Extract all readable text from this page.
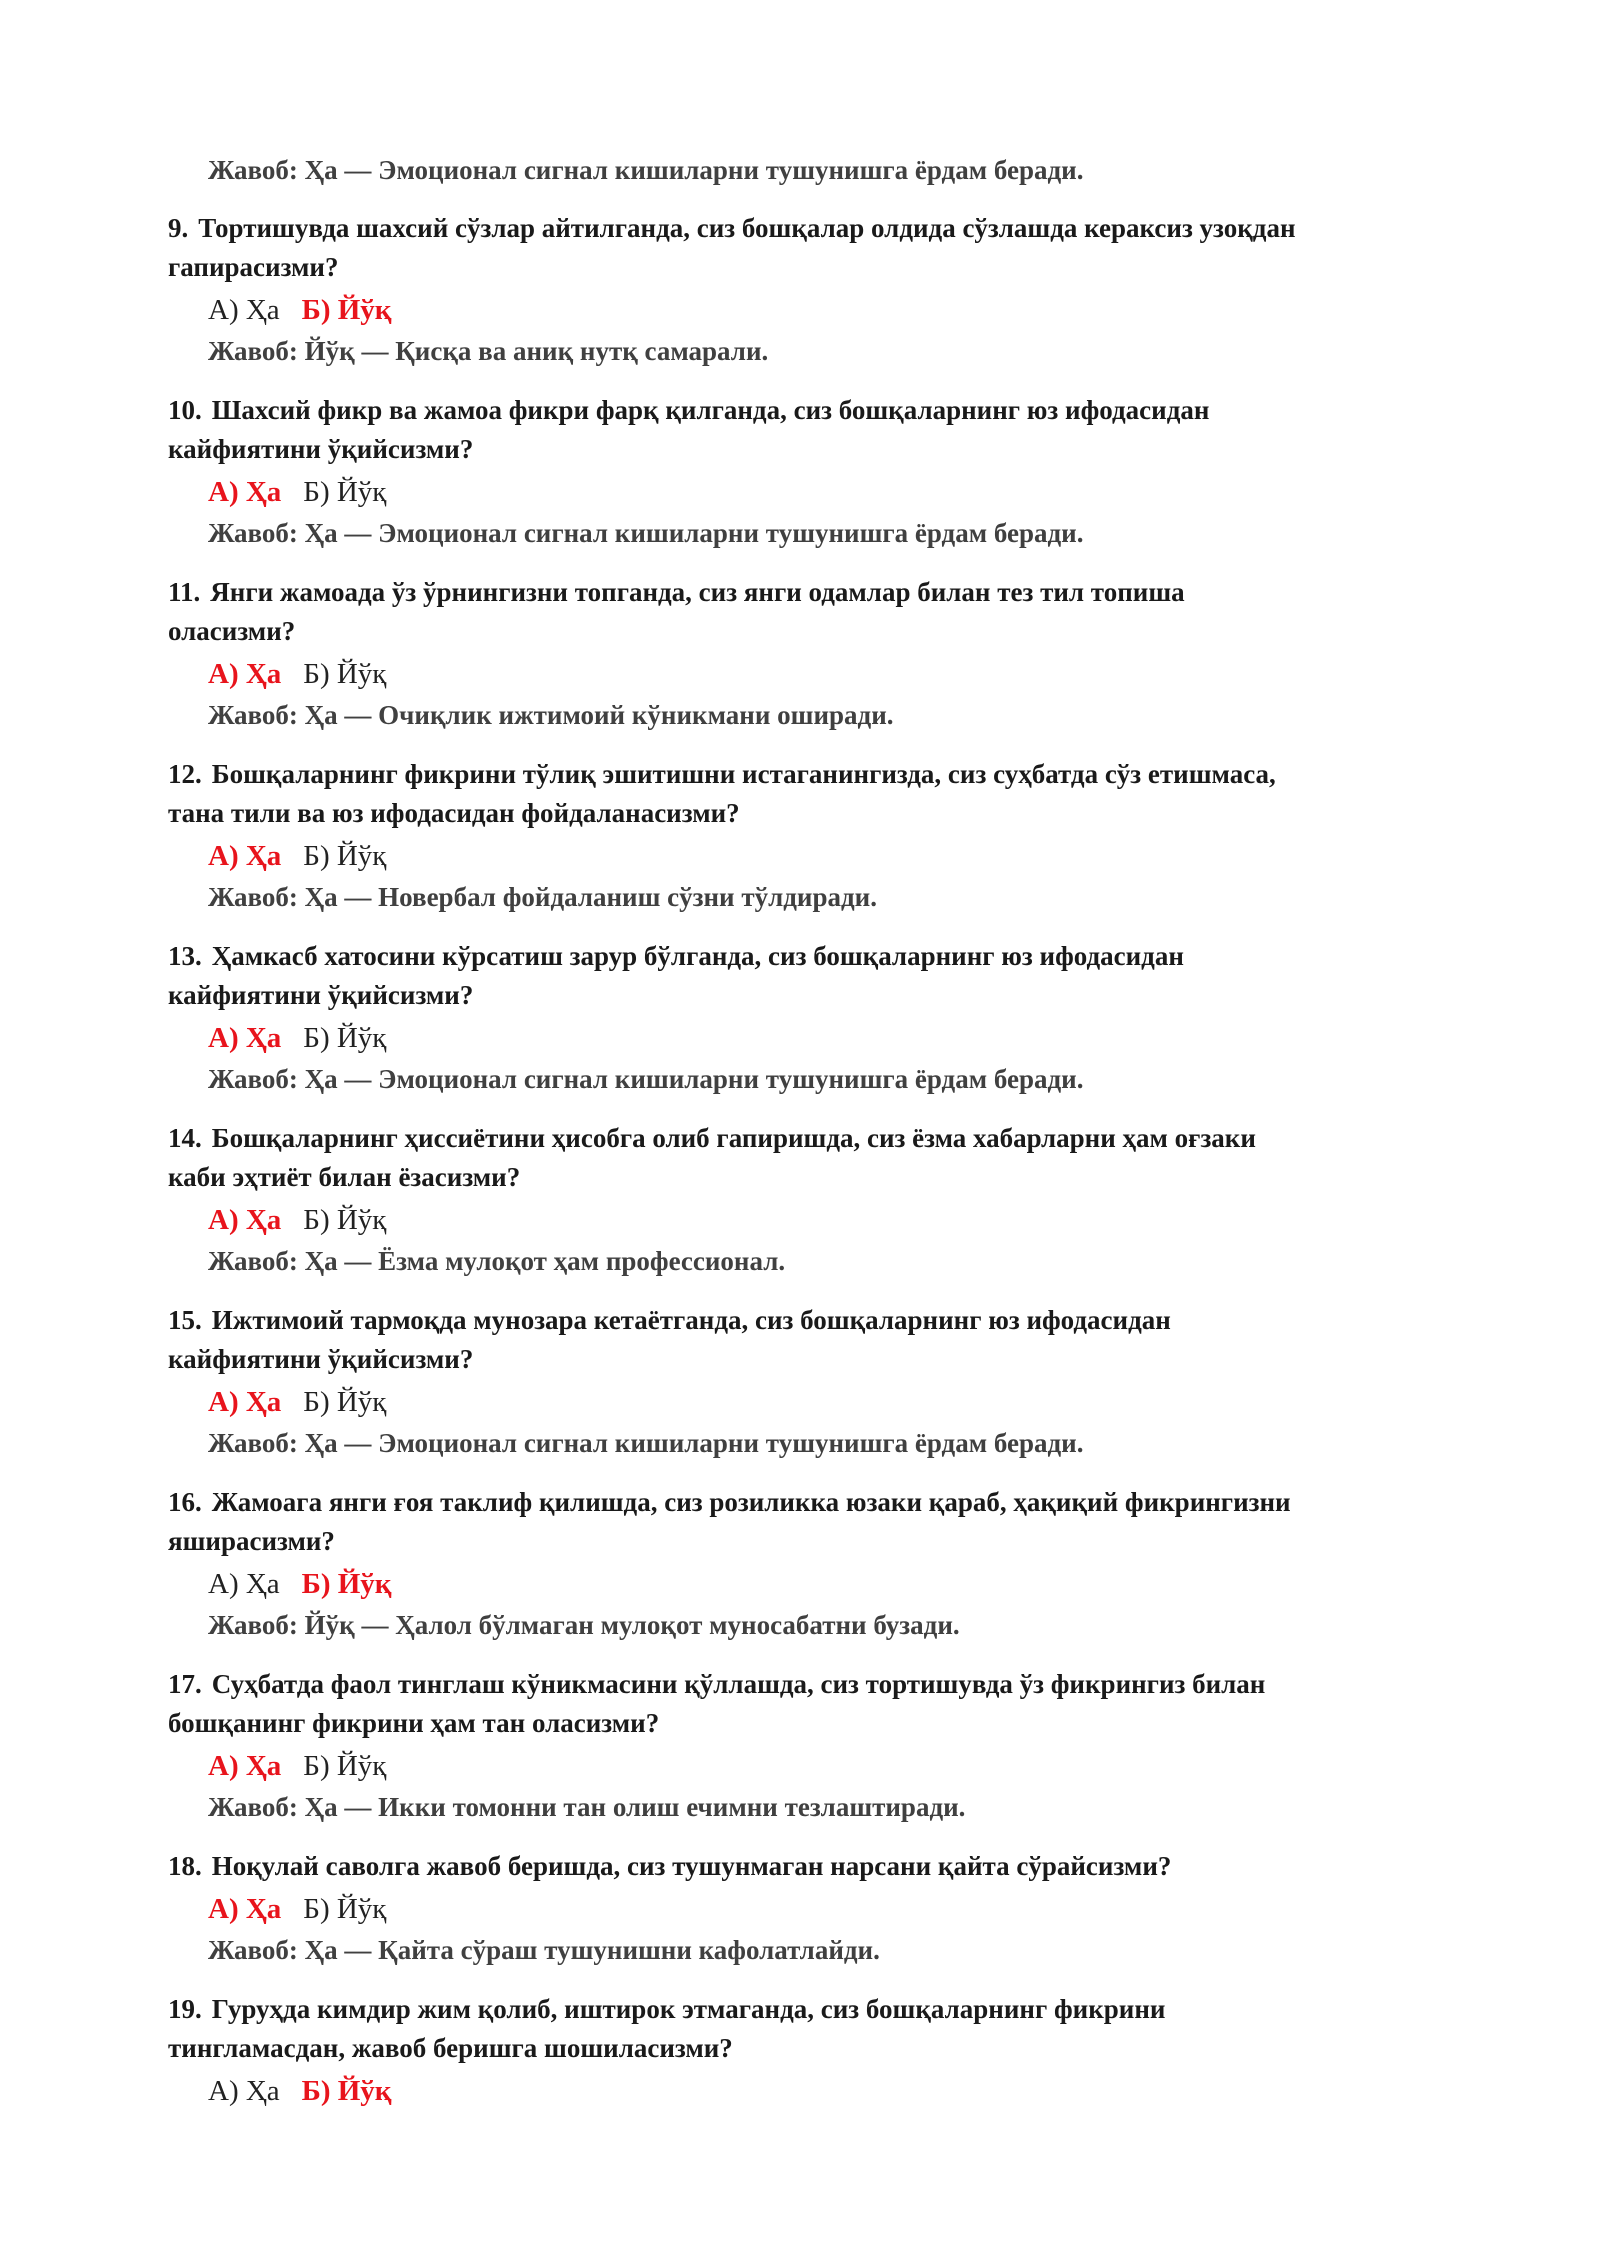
Жавоб: Ҳа — Эмоционал сигнал кишиларни тушунишга ёрдам беради.

9. Тортишувда шахсий сўзлар айтилганда, сиз бошқалар олдида сўзлашда кераксиз узоқдан

гапирасизми?

А) Ҳа Б) Йўқ
Жавоб: Йўқ — Қисқа ва аниқ нутқ самарали.

10. Шахсий фикр ва жамоа фикри фарқ қилганда, сиз бошқаларнинг юз ифодасидан

кайфиятини ўқийсизми?

А) Ҳа Б) Йўқ
Жавоб: Ҳа — Эмоционал сигнал кишиларни тушунишга ёрдам беради.

11. Янги жамоада ўз ўрнингизни топганда, сиз янги одамлар билан тез тил топиша

оласизми?

А) Ҳа Б) Йўқ
Жавоб: Ҳа — Очиқлик ижтимоий кўникмани оширади.

12. Бошқаларнинг фикрини тўлиқ эшитишни истаганингизда, сиз суҳбатда сўз етишмаса,

тана тили ва юз ифодасидан фойдаланасизми?

А) Ҳа Б) Йўқ
Жавоб: Ҳа — Новербал фойдаланиш сўзни тўлдиради.

13. Ҳамкасб хатосини кўрсатиш зарур бўлганда, сиз бошқаларнинг юз ифодасидан

кайфиятини ўқийсизми?

А) Ҳа Б) Йўқ
Жавоб: Ҳа — Эмоционал сигнал кишиларни тушунишга ёрдам беради.

14. Бошқаларнинг ҳиссиётини ҳисобга олиб гапиришда, сиз ёзма хабарларни ҳам оғзаки

каби эҳтиёт билан ёзасизми?

А) Ҳа Б) Йўқ
Жавоб: Ҳа — Ёзма мулоқот ҳам профессионал.

15. Ижтимоий тармоқда мунозара кетаётганда, сиз бошқаларнинг юз ифодасидан

кайфиятини ўқийсизми?

А) Ҳа Б) Йўқ
Жавоб: Ҳа — Эмоционал сигнал кишиларни тушунишга ёрдам беради.

16. Жамоага янги ғоя таклиф қилишда, сиз розиликка юзаки қараб, ҳақиқий фикрингизни

яширасизми?

А) Ҳа Б) Йўқ
Жавоб: Йўқ — Ҳалол бўлмаган мулоқот муносабатни бузади.

17. Суҳбатда фаол тинглаш кўникмасини қўллашда, сиз тортишувда ўз фикрингиз билан

бошқанинг фикрини ҳам тан оласизми?

А) Ҳа Б) Йўқ
Жавоб: Ҳа — Икки томонни тан олиш ечимни тезлаштиради.

18. Ноқулай саволга жавоб беришда, сиз тушунмаган нарсани қайта сўрайсизми?

А) Ҳа Б) Йўқ
Жавоб: Ҳа — Қайта сўраш тушунишни кафолатлайди.

19. Гуруҳда кимдир жим қолиб, иштирок этмаганда, сиз бошқаларнинг фикрини

тингламасдан, жавоб беришга шошиласизми?

А) Ҳа Б) Йўқ
